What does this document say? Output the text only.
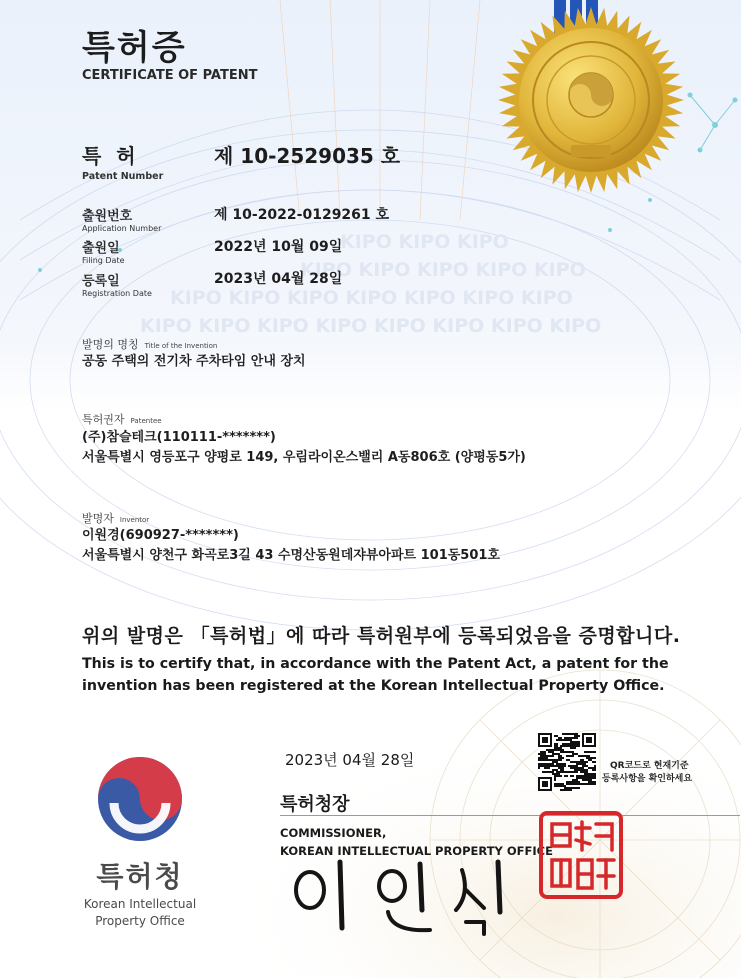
KIPO KIPO KIPO
KIPO KIPO KIPO KIPO KIPO
KIPO KIPO KIPO KIPO KIPO KIPO KIPO
KIPO KIPO KIPO KIPO KIPO KIPO KIPO KIPO
특허증
CERTIFICATE OF PATENT
특 허
Patent Number
제 10-2529035 호
출원번호
Application Number
제 10-2022-0129261 호
출원일
Filing Date
2022년 10월 09일
등록일
Registration Date
2023년 04월 28일
발명의 명칭 Title of the Invention
공동 주택의 전기차 주차타임 안내 장치
특허권자 Patentee
(주)참슬테크(110111-*******)
서울특별시 영등포구 양평로 149, 우림라이온스밸리 A동806호 (양평동5가)
발명자 Inventor
이원경(690927-*******)
서울특별시 양천구 화곡로3길 43 수명산동원데쟈뷰아파트 101동501호
위의 발명은 「특허법」에 따라 특허원부에 등록되었음을 증명합니다.
This is to certify that, in accordance with the Patent Act, a patent for the invention has been registered at the Korean Intellectual Property Office.
2023년 04월 28일	QR코드로 현재기준
등록사항을 확인하세요
특허청장
COMMISSIONER,
KOREAN INTELLECTUAL PROPERTY OFFICE
특허청
Korean Intellectual
Property Office
